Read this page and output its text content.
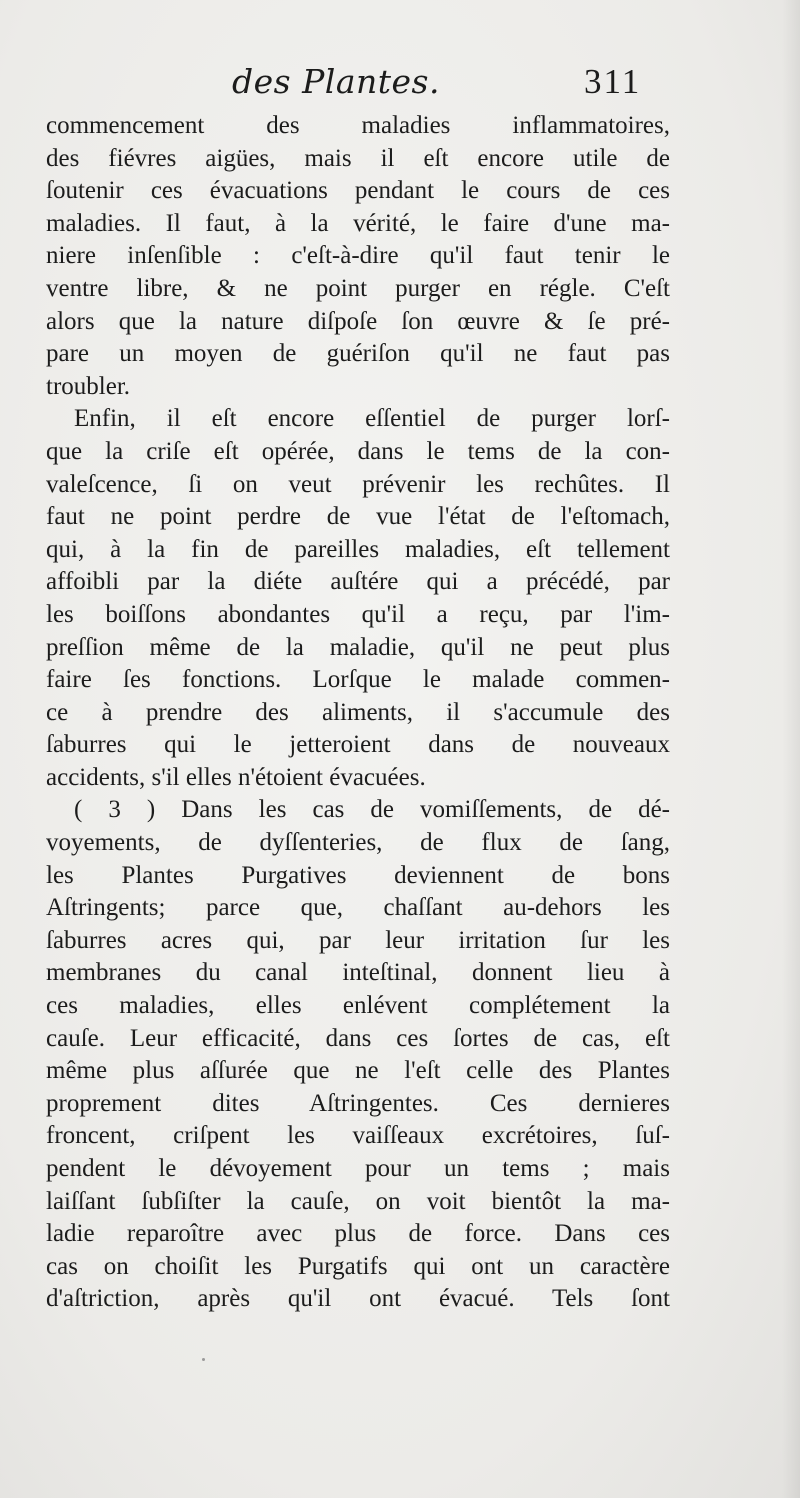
des Plantes.	311
commencement des maladies inflammatoires,
des fiévres aigües, mais il eſt encore utile de
ſoutenir ces évacuations pendant le cours de ces
maladies. Il faut, à la vérité, le faire d'une ma-
niere inſenſible : c'eſt-à-dire qu'il faut tenir le
ventre libre, & ne point purger en régle. C'eſt
alors que la nature diſpoſe ſon œuvre & ſe pré-
pare un moyen de guériſon qu'il ne faut pas
troubler.
Enfin, il eſt encore eſſentiel de purger lorſ-
que la criſe eſt opérée, dans le tems de la con-
valeſcence, ſi on veut prévenir les rechûtes. Il
faut ne point perdre de vue l'état de l'eſtomach,
qui, à la fin de pareilles maladies, eſt tellement
affoibli par la diéte auſtére qui a précédé, par
les boiſſons abondantes qu'il a reçu, par l'im-
preſſion même de la maladie, qu'il ne peut plus
faire ſes fonctions. Lorſque le malade commen-
ce à prendre des aliments, il s'accumule des
ſaburres qui le jetteroient dans de nouveaux
accidents, s'il elles n'étoient évacuées.
( 3 ) Dans les cas de vomiſſements, de dé-
voyements, de dyſſenteries, de flux de ſang,
les Plantes Purgatives deviennent de bons
Aſtringents; parce que, chaſſant au-dehors les
ſaburres acres qui, par leur irritation ſur les
membranes du canal inteſtinal, donnent lieu à
ces maladies, elles enlévent complétement la
cauſe. Leur efficacité, dans ces ſortes de cas, eſt
même plus aſſurée que ne l'eſt celle des Plantes
proprement dites Aſtringentes. Ces dernieres
froncent, criſpent les vaiſſeaux excrétoires, ſuſ-
pendent le dévoyement pour un tems ; mais
laiſſant ſubſiſter la cauſe, on voit bientôt la ma-
ladie reparoître avec plus de force. Dans ces
cas on choiſit les Purgatifs qui ont un caractère
d'aſtriction, après qu'il ont évacué. Tels ſont
